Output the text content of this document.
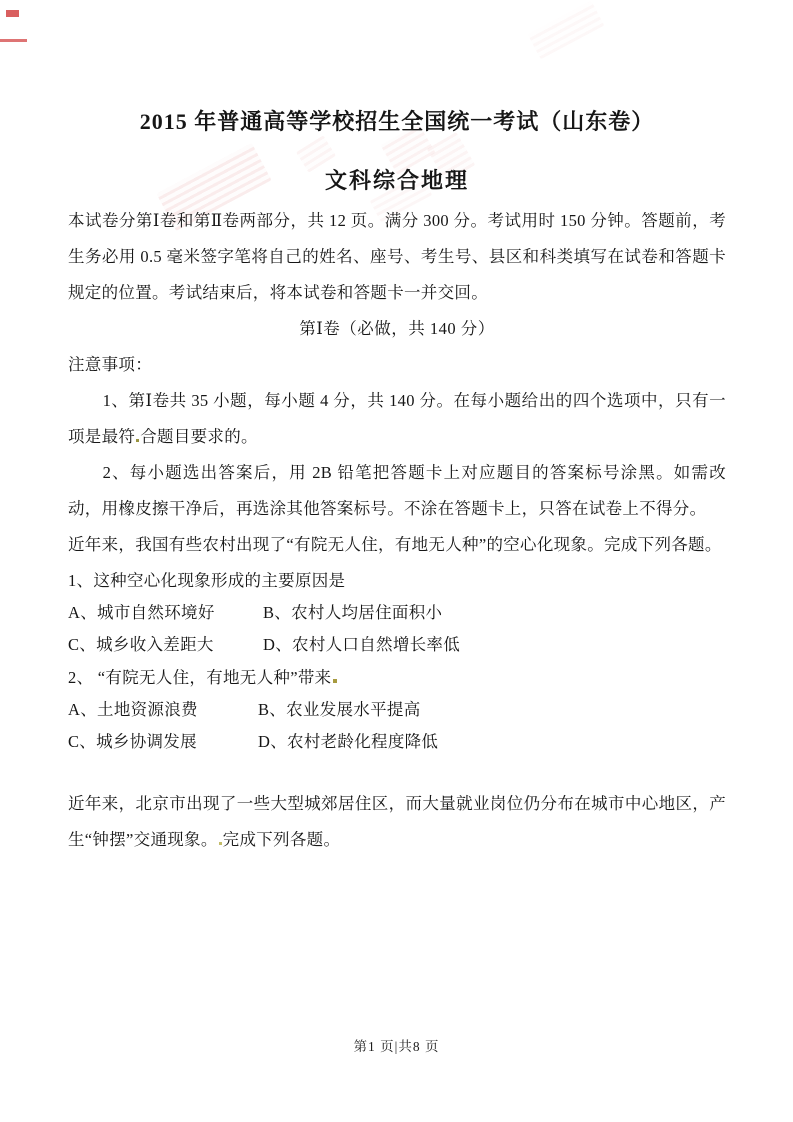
2015 年普通高等学校招生全国统一考试（山东卷）
文科综合地理

本试卷分第Ⅰ卷和第Ⅱ卷两部分，共 12 页。满分 300 分。考试用时 150 分钟。答题前，考生务必用 0.5 毫米签字笔将自己的姓名、座号、考生号、县区和科类填写在试卷和答题卡规定的位置。考试结束后，将本试卷和答题卡一并交回。

第Ⅰ卷（必做，共 140 分）

注意事项：

1、第Ⅰ卷共 35 小题，每小题 4 分，共 140 分。在每小题给出的四个选项中，只有一项是最符 合题目要求的。

2、每小题选出答案后，用 2B 铅笔把答题卡上对应题目的答案标号涂黑。如需改动，用橡皮擦干净后，再选涂其他答案标号。不涂在答题卡上，只答在试卷上不得分。

近年来，我国有些农村出现了“有院无人住，有地无人种”的空心化现象。完成下列各题。

1、这种空心化现象形成的主要原因是

A、城市自然环境好	B、农村人均居住面积小
C、城乡收入差距大	D、农村人口自然增长率低

2、 “有院无人住，有地无人种”带来

A、土地资源浪费	B、农业发展水平提高
C、城乡协调发展	D、农村老龄化程度降低

近年来，北京市出现了一些大型城郊居住区，而大量就业岗位仍分布在城市中心地区，产生“钟摆”交通现象。 完成下列各题。

第1 页|共8 页
